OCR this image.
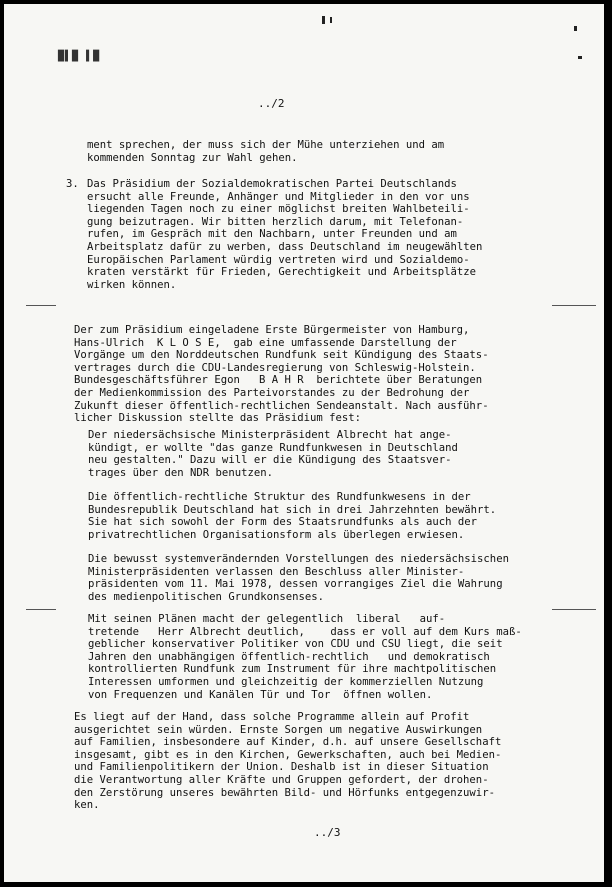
█▌█ ▌█
../2
ment sprechen, der muss sich der Mühe unterziehen und am
kommenden Sonntag zur Wahl gehen.
3. Das Präsidium der Sozialdemokratischen Partei Deutschlands
ersucht alle Freunde, Anhänger und Mitglieder in den vor uns
liegenden Tagen noch zu einer möglichst breiten Wahlbeteili-
gung beizutragen. Wir bitten herzlich darum, mit Telefonan-
rufen, im Gespräch mit den Nachbarn, unter Freunden und am
Arbeitsplatz dafür zu werben, dass Deutschland im neugewählten
Europäischen Parlament würdig vertreten wird und Sozialdemo-
kraten verstärkt für Frieden, Gerechtigkeit und Arbeitsplätze
wirken können.
Der zum Präsidium eingeladene Erste Bürgermeister von Hamburg,
Hans-Ulrich  K L O S E,  gab eine umfassende Darstellung der
Vorgänge um den Norddeutschen Rundfunk seit Kündigung des Staats-
vertrages durch die CDU-Landesregierung von Schleswig-Holstein.
Bundesgeschäftsführer Egon   B A H R  berichtete über Beratungen
der Medienkommission des Parteivorstandes zu der Bedrohung der
Zukunft dieser öffentlich-rechtlichen Sendeanstalt. Nach ausführ-
licher Diskussion stellte das Präsidium fest:
Der niedersächsische Ministerpräsident Albrecht hat ange-
kündigt, er wollte "das ganze Rundfunkwesen in Deutschland
neu gestalten." Dazu will er die Kündigung des Staatsver-
trages über den NDR benutzen.
Die öffentlich-rechtliche Struktur des Rundfunkwesens in der
Bundesrepublik Deutschland hat sich in drei Jahrzehnten bewährt.
Sie hat sich sowohl der Form des Staatsrundfunks als auch der
privatrechtlichen Organisationsform als überlegen erwiesen.
Die bewusst systemverändernden Vorstellungen des niedersächsischen
Ministerpräsidenten verlassen den Beschluss aller Minister-
präsidenten vom 11. Mai 1978, dessen vorrangiges Ziel die Wahrung
des medienpolitischen Grundkonsenses.
Mit seinen Plänen macht der gelegentlich  liberal   auf-
tretende   Herr Albrecht deutlich,    dass er voll auf dem Kurs maß-
geblicher konservativer Politiker von CDU und CSU liegt, die seit
Jahren den unabhängigen öffentlich-rechtlich   und demokratisch
kontrollierten Rundfunk zum Instrument für ihre machtpolitischen
Interessen umformen und gleichzeitig der kommerziellen Nutzung
von Frequenzen und Kanälen Tür und Tor  öffnen wollen.
Es liegt auf der Hand, dass solche Programme allein auf Profit
ausgerichtet sein würden. Ernste Sorgen um negative Auswirkungen
auf Familien, insbesondere auf Kinder, d.h. auf unsere Gesellschaft
insgesamt, gibt es in den Kirchen, Gewerkschaften, auch bei Medien-
und Familienpolitikern der Union. Deshalb ist in dieser Situation
die Verantwortung aller Kräfte und Gruppen gefordert, der drohen-
den Zerstörung unseres bewährten Bild- und Hörfunks entgegenzuwir-
ken.
../3
